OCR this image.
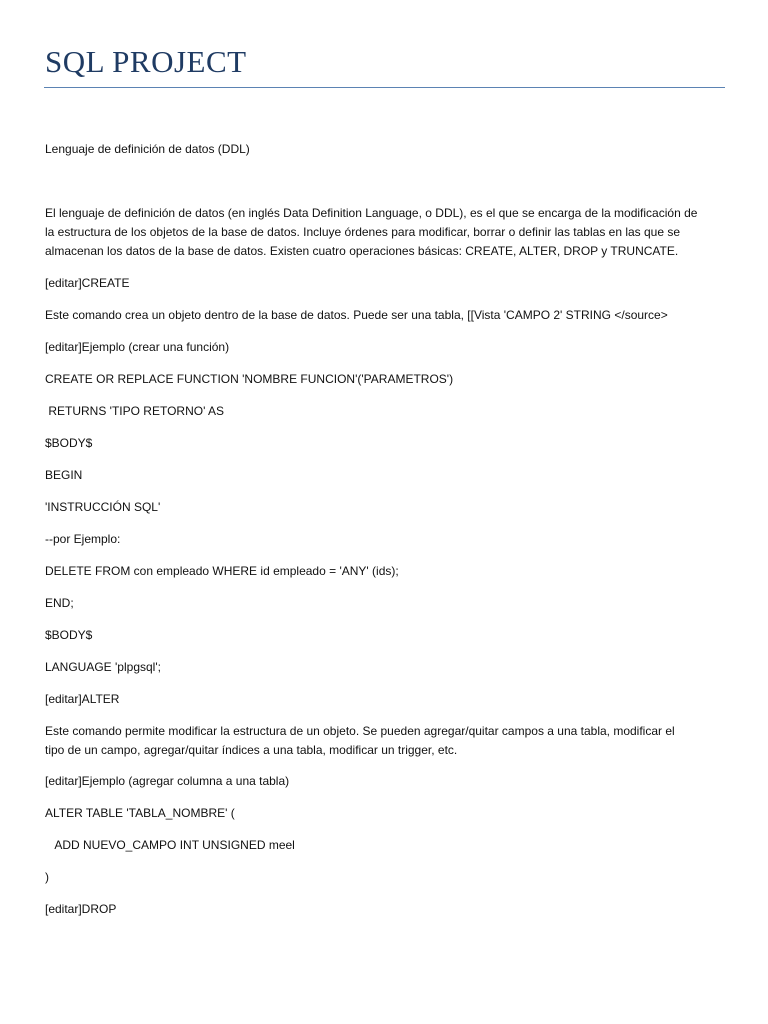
SQL PROJECT
Lenguaje de definición de datos (DDL)
El lenguaje de definición de datos (en inglés Data Definition Language, o DDL), es el que se encarga de la modificación de
la estructura de los objetos de la base de datos. Incluye órdenes para modificar, borrar o definir las tablas en las que se
almacenan los datos de la base de datos. Existen cuatro operaciones básicas: CREATE, ALTER, DROP y TRUNCATE.
[editar]CREATE
Este comando crea un objeto dentro de la base de datos. Puede ser una tabla, [[Vista 'CAMPO 2' STRING </source>
[editar]Ejemplo (crear una función)
CREATE OR REPLACE FUNCTION 'NOMBRE FUNCION'('PARAMETROS')
RETURNS 'TIPO RETORNO' AS
$BODY$
BEGIN
'INSTRUCCIÓN SQL'
--por Ejemplo:
DELETE FROM con empleado WHERE id empleado = 'ANY' (ids);
END;
$BODY$
LANGUAGE 'plpgsql';
[editar]ALTER
Este comando permite modificar la estructura de un objeto. Se pueden agregar/quitar campos a una tabla, modificar el
tipo de un campo, agregar/quitar índices a una tabla, modificar un trigger, etc.
[editar]Ejemplo (agregar columna a una tabla)
ALTER TABLE 'TABLA_NOMBRE' (
ADD NUEVO_CAMPO INT UNSIGNED meel
)
[editar]DROP
